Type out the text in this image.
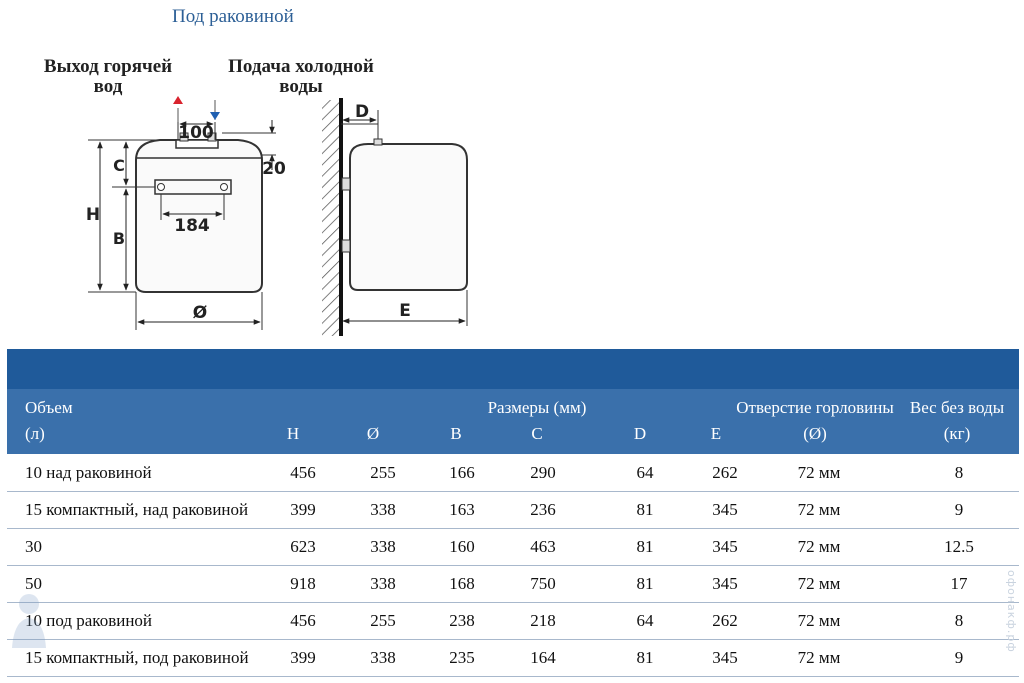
Под раковиной
Выход горячей
вод
Подача холодной
воды
100
20
184
H
C
B
Ø
D
E
Объем
(л)
Размеры (мм)
H	Ø	B	C	D	E
Отверстие горловины
(Ø)
Вес без воды
(кг)
10 над раковиной	456	255	166	290	64	262	72 мм	8
15 компактный, над раковиной 399	338	163	236	81	345	72 мм	9
30	623	338	160	463	81	345	72 мм	12.5
50	918	338	168	750	81	345	72 мм	17
10 под раковиной	456	255	238	218	64	262	72 мм	8
15 компактный, под раковиной 399	338	235	164	81	345	72 мм	9
офонакф.рф
